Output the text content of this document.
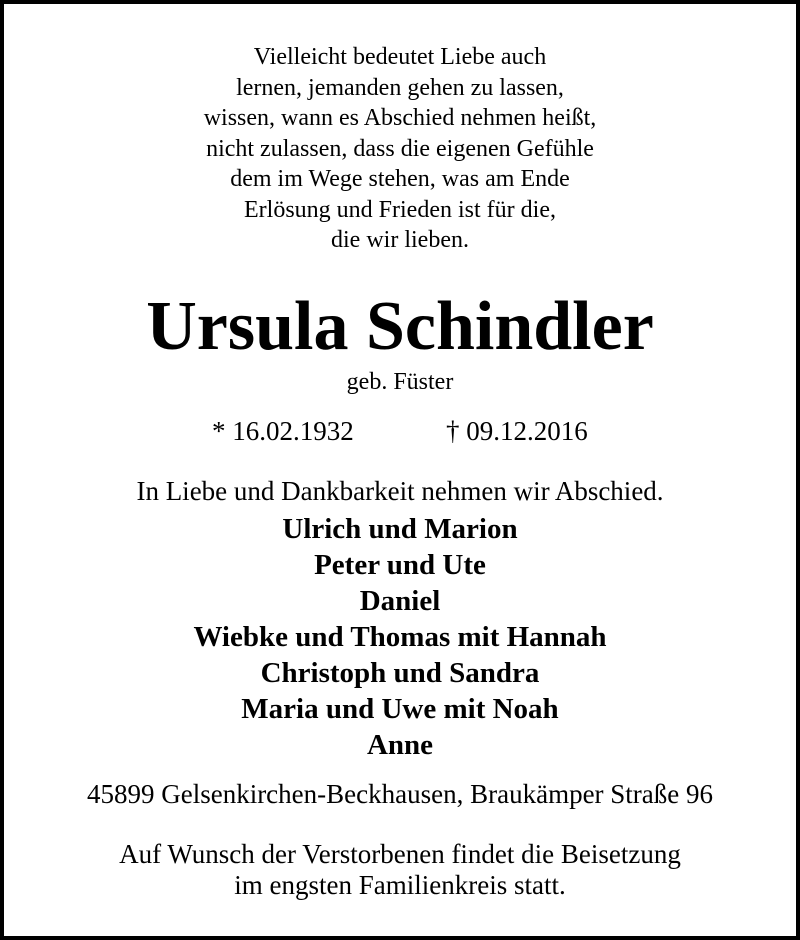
Vielleicht bedeutet Liebe auch
lernen, jemanden gehen zu lassen,
wissen, wann es Abschied nehmen heißt,
nicht zulassen, dass die eigenen Gefühle
dem im Wege stehen, was am Ende
Erlösung und Frieden ist für die,
die wir lieben.
Ursula Schindler
geb. Füster
* 16.02.1932	† 09.12.2016
In Liebe und Dankbarkeit nehmen wir Abschied.
Ulrich und Marion
Peter und Ute
Daniel
Wiebke und Thomas mit Hannah
Christoph und Sandra
Maria und Uwe mit Noah
Anne
45899 Gelsenkirchen-Beckhausen, Braukämper Straße 96
Auf Wunsch der Verstorbenen findet die Beisetzung
im engsten Familienkreis statt.
